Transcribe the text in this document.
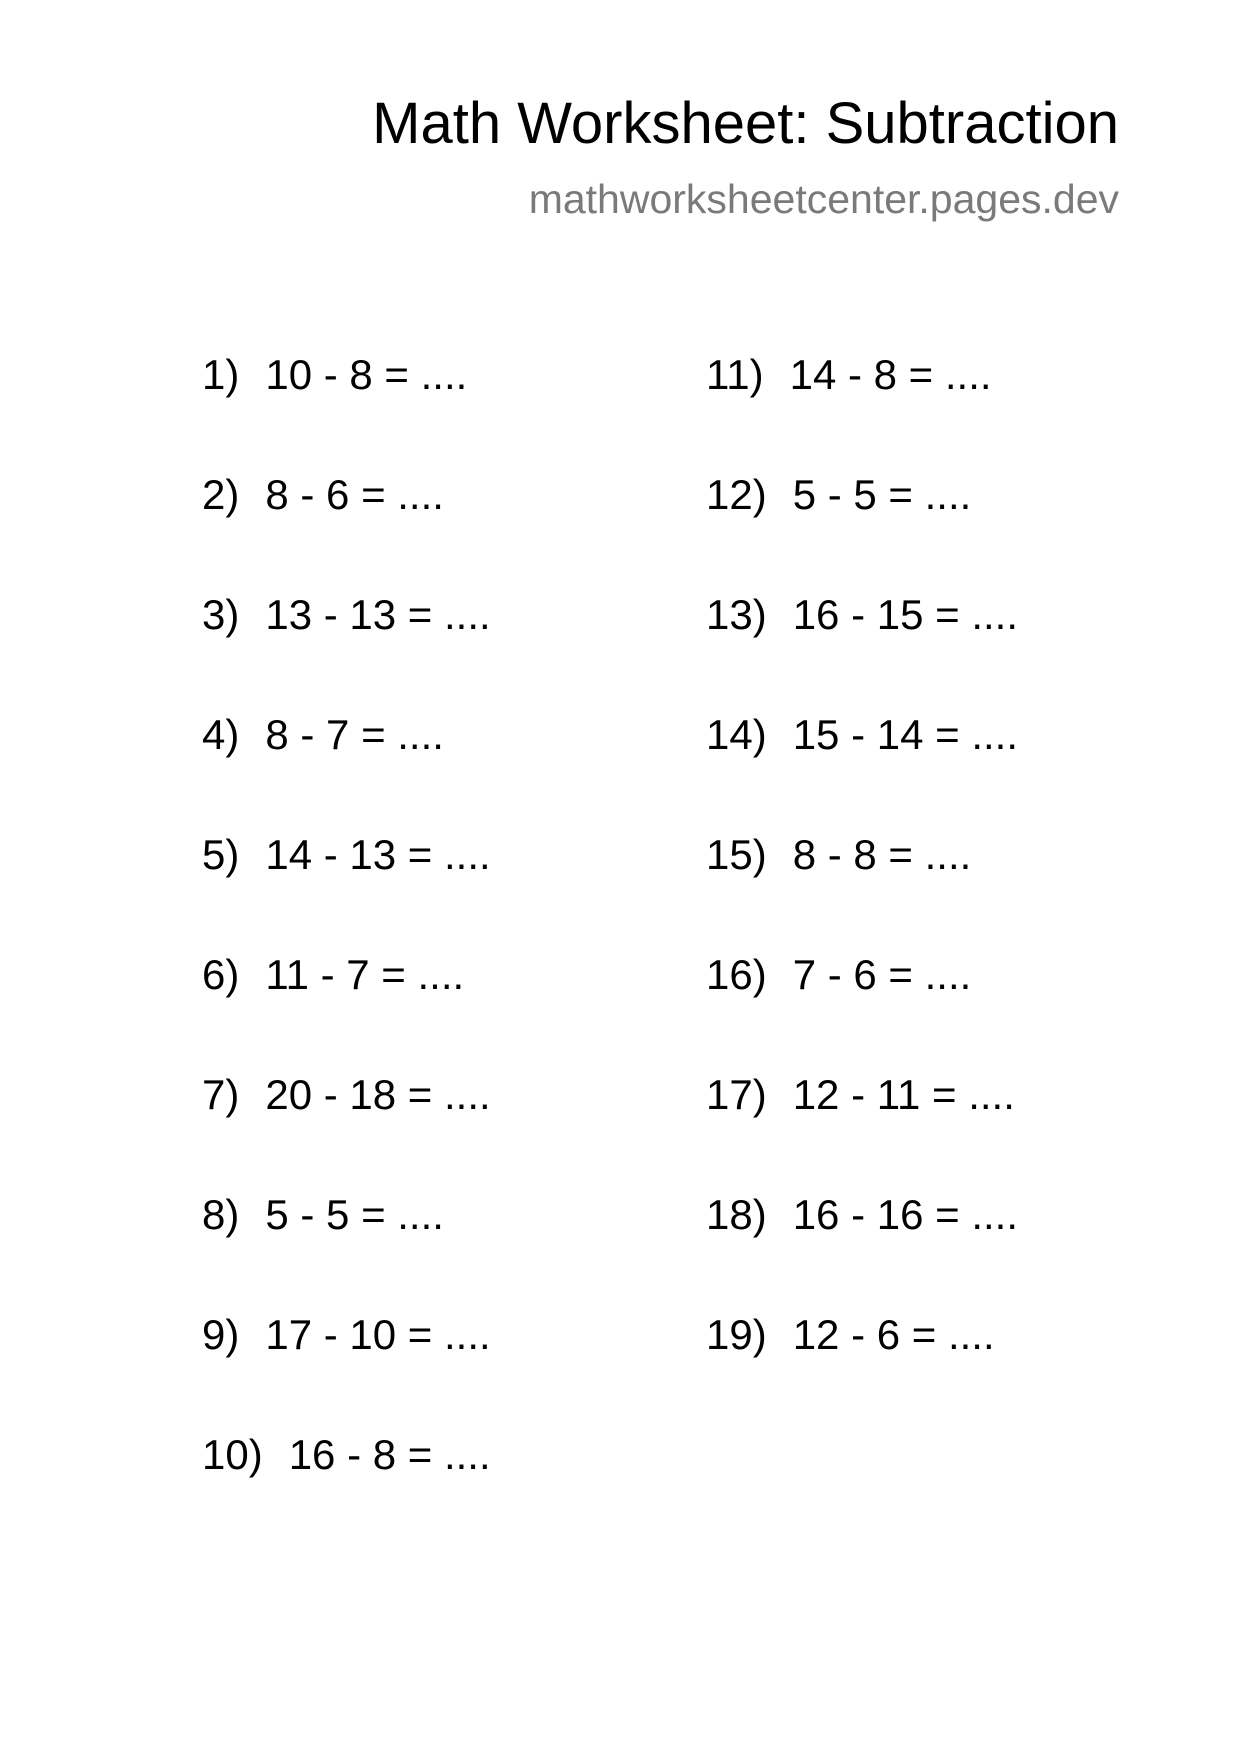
Math Worksheet: Subtraction
mathworksheetcenter.pages.dev
1) 10 - 8 = ....
2) 8 - 6 = ....
3) 13 - 13 = ....
4) 8 - 7 = ....
5) 14 - 13 = ....
6) 11 - 7 = ....
7) 20 - 18 = ....
8) 5 - 5 = ....
9) 17 - 10 = ....
10) 16 - 8 = ....
11) 14 - 8 = ....
12) 5 - 5 = ....
13) 16 - 15 = ....
14) 15 - 14 = ....
15) 8 - 8 = ....
16) 7 - 6 = ....
17) 12 - 11 = ....
18) 16 - 16 = ....
19) 12 - 6 = ....
